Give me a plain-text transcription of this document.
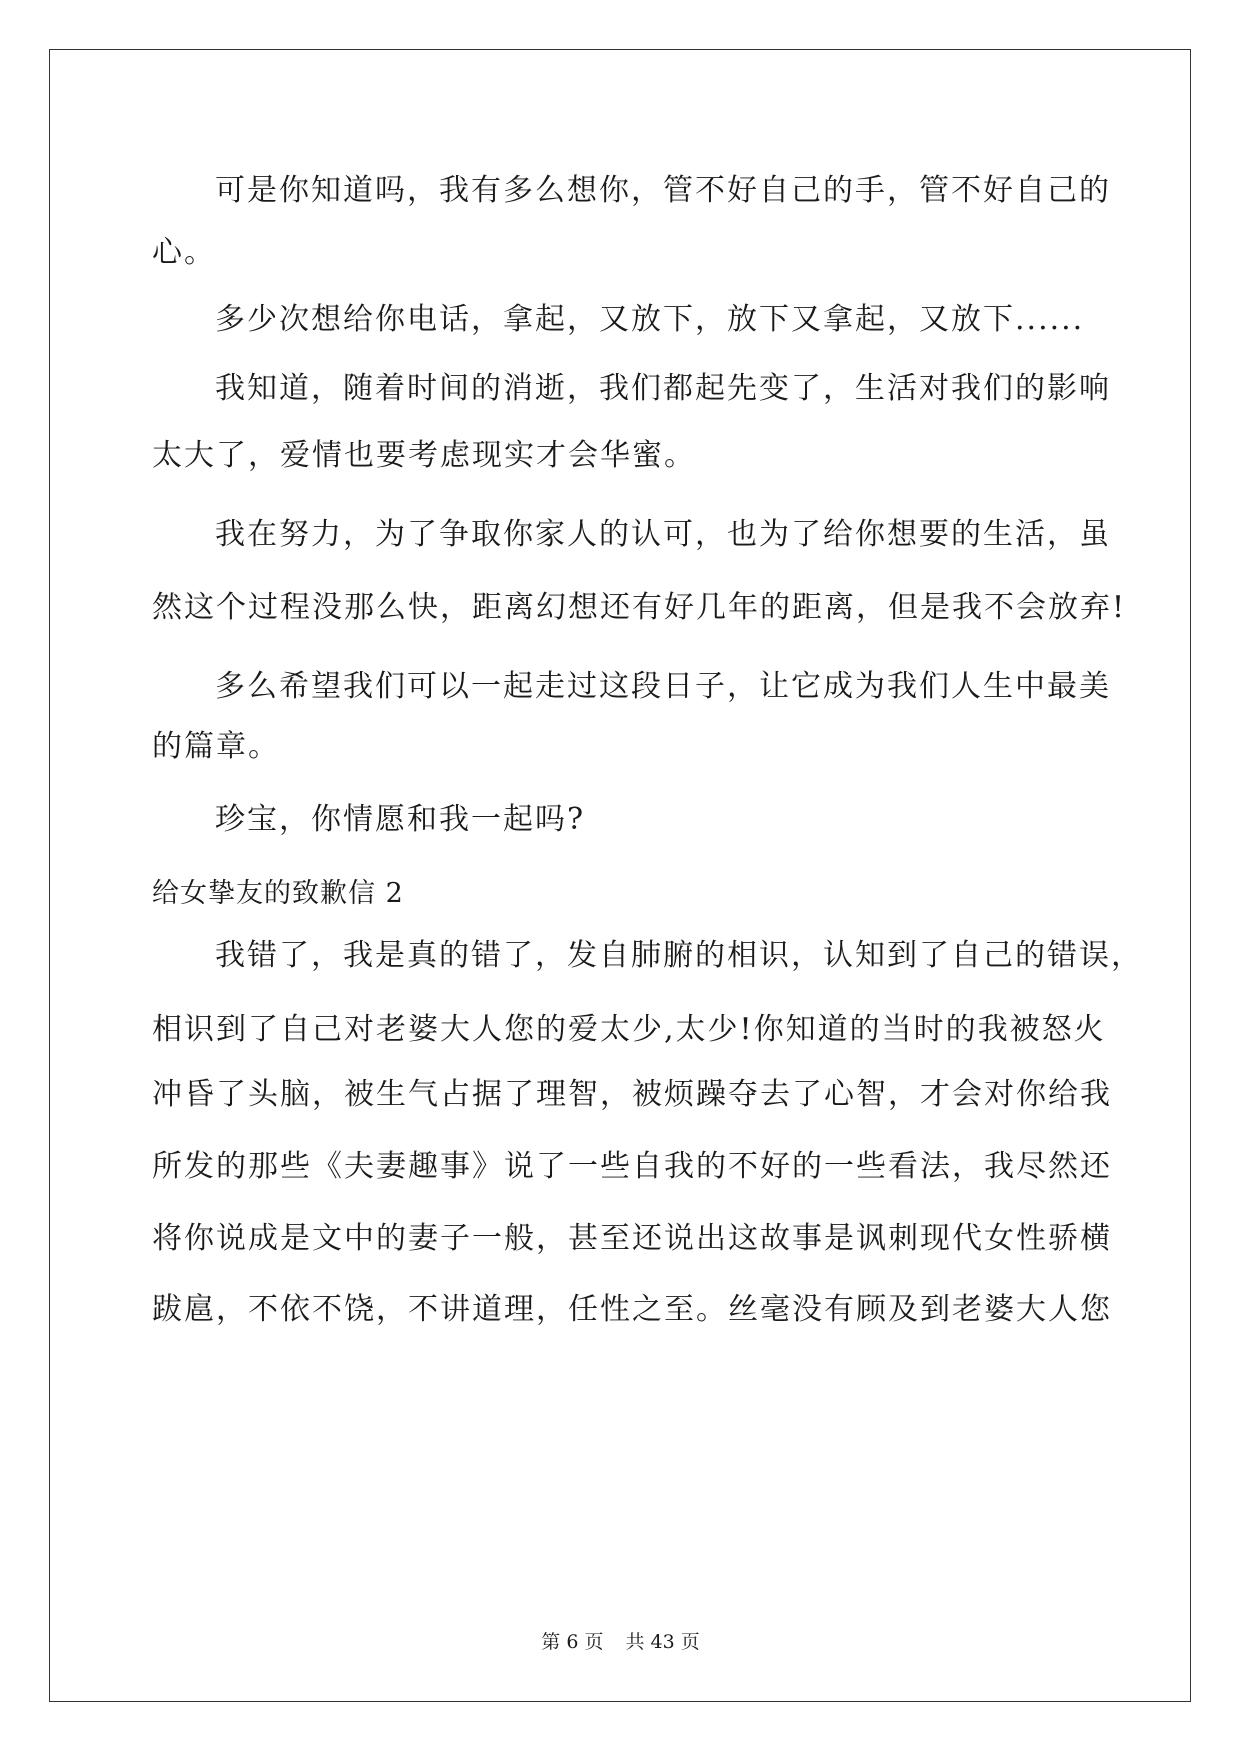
可是你知道吗，我有多么想你，管不好自己的手，管不好自己的
心。
多少次想给你电话，拿起，又放下，放下又拿起，又放下......
我知道，随着时间的消逝，我们都起先变了，生活对我们的影响
太大了，爱情也要考虑现实才会华蜜。
我在努力，为了争取你家人的认可，也为了给你想要的生活，虽
然这个过程没那么快，距离幻想还有好几年的距离，但是我不会放弃!
多么希望我们可以一起走过这段日子，让它成为我们人生中最美
的篇章。
珍宝，你情愿和我一起吗?
给女挚友的致歉信 2
我错了，我是真的错了，发自肺腑的相识，认知到了自己的错误，
相识到了自己对老婆大人您的爱太少,太少!你知道的当时的我被怒火
冲昏了头脑，被生气占据了理智，被烦躁夺去了心智，才会对你给我
所发的那些《夫妻趣事》说了一些自我的不好的一些看法，我尽然还
将你说成是文中的妻子一般，甚至还说出这故事是讽刺现代女性骄横
跋扈，不依不饶，不讲道理，任性之至。丝毫没有顾及到老婆大人您
第 6 页 共 43 页
